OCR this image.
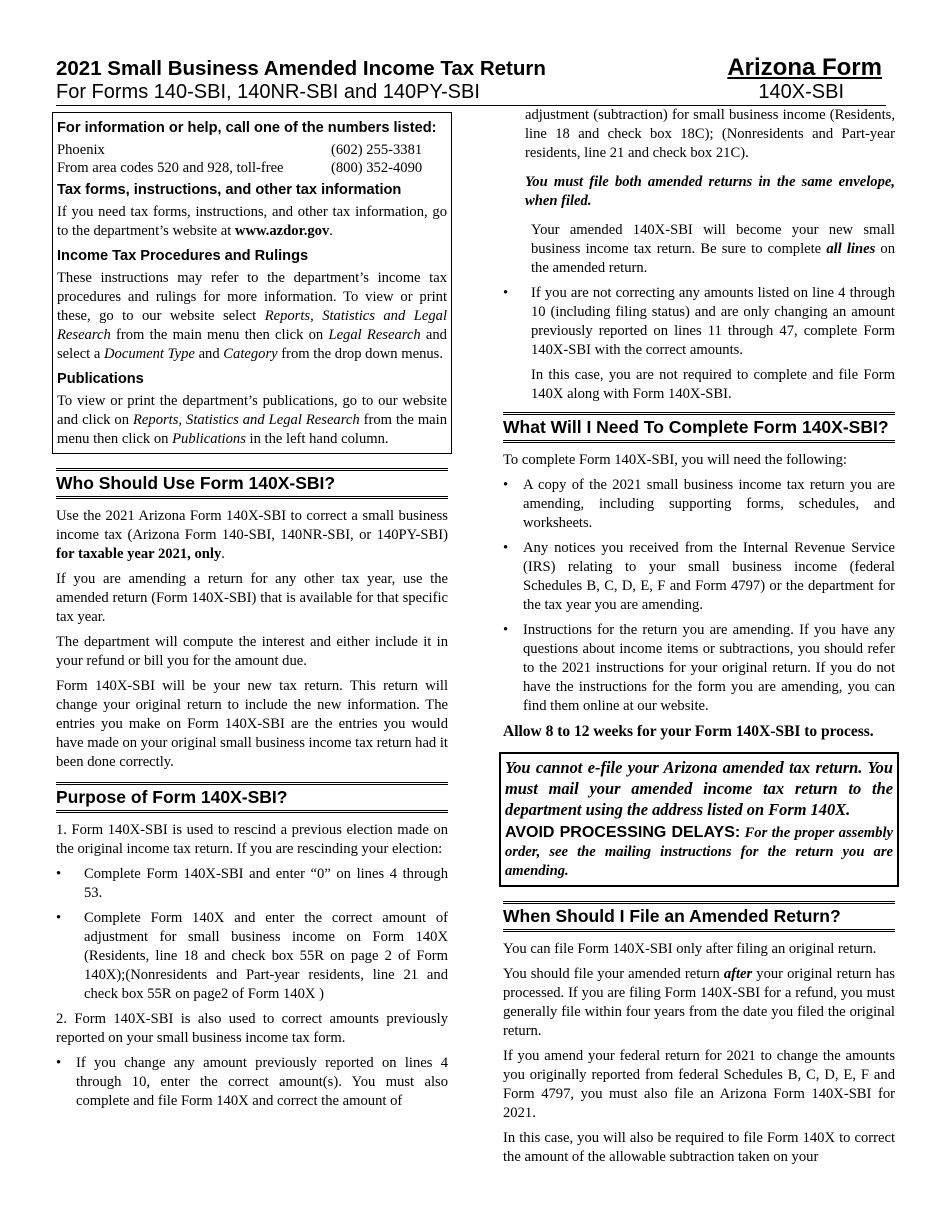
2021 Small Business Amended Income Tax Return	Arizona Form
For Forms 140-SBI, 140NR-SBI and 140PY-SBI	140X-SBI
For information or help, call one of the numbers listed:
Phoenix	(602) 255-3381
From area codes 520 and 928, toll-free	(800) 352-4090
Tax forms, instructions, and other tax information

If you need tax forms, instructions, and other tax information, go to the department’s website at www.azdor.gov.

Income Tax Procedures and Rulings

These instructions may refer to the department’s income tax procedures and rulings for more information. To view or print these, go to our website select Reports, Statistics and Legal Research from the main menu then click on Legal Research and select a Document Type and Category from the drop down menus.

Publications

To view or print the department’s publications, go to our website and click on Reports, Statistics and Legal Research from the main menu then click on Publications in the left hand column.

Who Should Use Form 140X-SBI?

Use the 2021 Arizona Form 140X-SBI to correct a small business income tax (Arizona Form 140-SBI, 140NR-SBI, or 140PY-SBI) for taxable year 2021, only.

If you are amending a return for any other tax year, use the amended return (Form 140X-SBI) that is available for that specific tax year.

The department will compute the interest and either include it in your refund or bill you for the amount due.

Form 140X-SBI will be your new tax return. This return will change your original return to include the new information. The entries you make on Form 140X-SBI are the entries you would have made on your original small business income tax return had it been done correctly.

Purpose of Form 140X-SBI?

1. Form 140X-SBI is used to rescind a previous election made on the original income tax return. If you are rescinding your election:

•	Complete Form 140X-SBI and enter “0” on lines 4 through 53.
•	Complete Form 140X and enter the correct amount of adjustment for small business income on Form 140X (Residents, line 18 and check box 55R on page 2 of Form 140X);(Nonresidents and Part-year residents, line 21 and check box 55R on page2 of Form 140X )

2. Form 140X-SBI is also used to correct amounts previously reported on your small business income tax form.

•	If you change any amount previously reported on lines 4 through 10, enter the correct amount(s). You must also complete and file Form 140X and correct the amount of

adjustment (subtraction) for small business income (Residents, line 18 and check box 18C); (Nonresidents and Part-year residents, line 21 and check box 21C).

You must file both amended returns in the same envelope, when filed.

Your amended 140X-SBI will become your new small business income tax return. Be sure to complete all lines on the amended return.

•	If you are not correcting any amounts listed on line 4 through 10 (including filing status) and are only changing an amount previously reported on lines 11 through 47, complete Form 140X-SBI with the correct amounts.

In this case, you are not required to complete and file Form 140X along with Form 140X-SBI.

What Will I Need To Complete Form 140X-SBI?

To complete Form 140X-SBI, you will need the following:

•	A copy of the 2021 small business income tax return you are amending, including supporting forms, schedules, and worksheets.
•	Any notices you received from the Internal Revenue Service (IRS) relating to your small business income (federal Schedules B, C, D, E, F and Form 4797) or the department for the tax year you are amending.
•	Instructions for the return you are amending. If you have any questions about income items or subtractions, you should refer to the 2021 instructions for your original return. If you do not have the instructions for the form you are amending, you can find them online at our website.

Allow 8 to 12 weeks for your Form 140X-SBI to process.

You cannot e-file your Arizona amended tax return. You must mail your amended income tax return to the department using the address listed on Form 140X.

AVOID PROCESSING DELAYS: For the proper assembly order, see the mailing instructions for the return you are amending.

When Should I File an Amended Return?

You can file Form 140X-SBI only after filing an original return.

You should file your amended return after your original return has processed. If you are filing Form 140X-SBI for a refund, you must generally file within four years from the date you filed the original return.

If you amend your federal return for 2021 to change the amounts you originally reported from federal Schedules B, C, D, E, F and Form 4797, you must also file an Arizona Form 140X-SBI for 2021.

In this case, you will also be required to file Form 140X to correct the amount of the allowable subtraction taken on your
